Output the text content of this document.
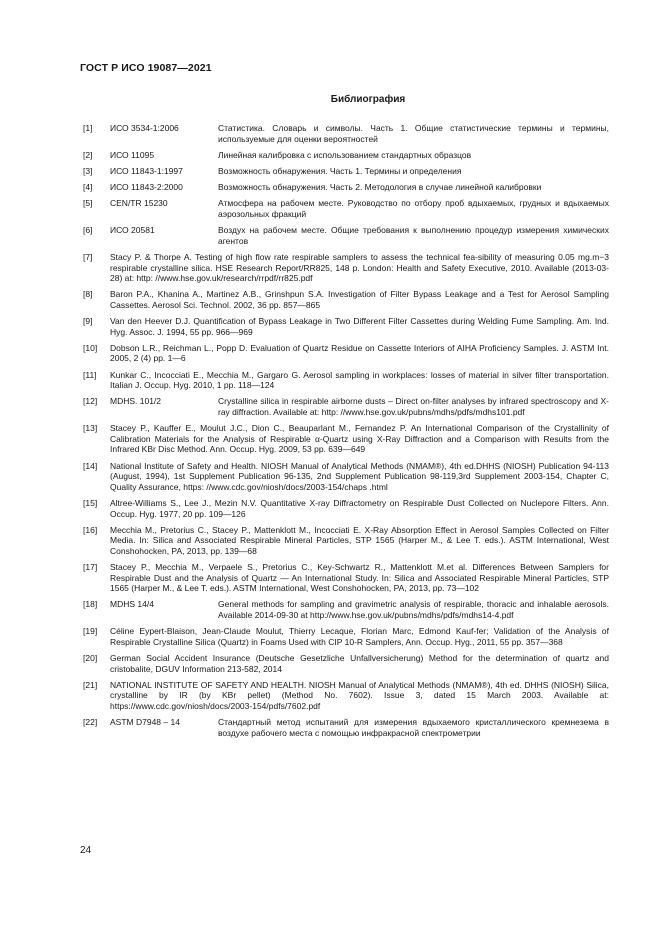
ГОСТ Р ИСО 19087—2021
Библиография
[1]	ИСО 3534-1:2006	Статистика. Словарь и символы. Часть 1. Общие статистические термины и термины, используемые для оценки вероятностей
[2]	ИСО 11095	Линейная калибровка с использованием стандартных образцов
[3]	ИСО 11843-1:1997	Возможность обнаружения. Часть 1. Термины и определения
[4]	ИСО 11843-2:2000	Возможность обнаружения. Часть 2. Методология в случае линейной калибровки
[5]	CEN/TR 15230	Атмосфера на рабочем месте. Руководство по отбору проб вдыхаемых, грудных и вдыхаемых аэрозольных фракций
[6]	ИСО 20581	Воздух на рабочем месте. Общие требования к выполнению процедур измерения химических агентов
[7]	Stacy P. & Thorpe A. Testing of high flow rate respirable samplers to assess the technical fea-sibility of measuring 0.05 mg.m−3 respirable crystalline silica. HSE Research Report/RR825, 148 p. London: Health and Safety Executive, 2010. Available (2013-03-28) at: http: //www.hse.gov.uk/research/rrpdf/rr825.pdf
[8]	Baron P.A., Khanina A., Martinez A.B., Grinshpun S.A. Investigation of Filter Bypass Leakage and a Test for Aerosol Sampling Cassettes. Aerosol Sci. Technol. 2002, 36 pp. 857—865
[9]	Van den Heever D.J. Quantification of Bypass Leakage in Two Different Filter Cassettes during Welding Fume Sampling. Am. Ind. Hyg. Assoc. J. 1994, 55 pp. 966—969
[10]	Dobson L.R., Reichman L., Popp D. Evaluation of Quartz Residue on Cassette Interiors of AIHA Proficiency Samples. J. ASTM Int. 2005, 2 (4) pp. 1—6
[11]	Kunkar C., Incocciati E., Mecchia M., Gargaro G. Aerosol sampling in workplaces: losses of material in silver filter transportation. Italian J. Occup. Hyg. 2010, 1 pp. 118—124
[12]	MDHS. 101/2	Crystalline silica in respirable airborne dusts – Direct on-filter analyses by infrared spectroscopy and X-ray diffraction. Available at: http: //www.hse.gov.uk/pubns/mdhs/pdfs/mdhs101.pdf
[13]	Stacey P., Kauffer E., Moulut J.C., Dion C., Beauparlant M., Fernandez P. An International Comparison of the Crystallinity of Calibration Materials for the Analysis of Respirable α-Quartz using X-Ray Diffraction and a Comparison with Results from the Infrared KBr Disc Method. Ann. Occup. Hyg. 2009, 53 pp. 639—649
[14]	National Institute of Safety and Health. NIOSH Manual of Analytical Methods (NMAM®), 4th ed.DHHS (NIOSH) Publication 94-113 (August, 1994), 1st Supplement Publication 96-135, 2nd Supplement Publication 98-119,3rd Supplement 2003-154, Chapter C, Quality Assurance, https: //www.cdc.gov/niosh/docs/2003-154/chaps .html
[15]	Altree-Williams S., Lee J., Mezin N.V. Quantitative X-ray Diffractometry on Respirable Dust Collected on Nuclepore Filters. Ann. Occup. Hyg. 1977, 20 pp. 109—126
[16]	Mecchia M., Pretorius C., Stacey P., Mattenklott M., Incocciati E. X-Ray Absorption Effect in Aerosol Samples Collected on Filter Media. In: Silica and Associated Respirable Mineral Particles, STP 1565 (Harper M., & Lee T. eds.). ASTM International, West Conshohocken, PA, 2013, pp. 139—68
[17]	Stacey P., Mecchia M., Verpaele S., Pretorius C., Key-Schwartz R., Mattenklott M.et al. Differences Between Samplers for Respirable Dust and the Analysis of Quartz — An International Study. In: Silica and Associated Respirable Mineral Particles, STP 1565 (Harper M., & Lee T. eds.). ASTM International, West Conshohocken, PA, 2013, pp. 73—102
[18]	MDHS 14/4	General methods for sampling and gravimetric analysis of respirable, thoracic and inhalable aerosols. Available 2014-09-30 at http://www.hse.gov.uk/pubns/mdhs/pdfs/mdhs14-4.pdf
[19]	Céline Eypert-Blaison, Jean-Claude Moulut, Thierry Lecaque, Florian Marc, Edmond Kauf-fer; Validation of the Analysis of Respirable Crystalline Silica (Quartz) in Foams Used with CIP 10-R Samplers, Ann. Occup. Hyg., 2011, 55 pp. 357—368
[20]	German Social Accident Insurance (Deutsche Gesetzliche Unfallversicherung) Method for the determination of quartz and cristobalite, DGUV Information 213-582, 2014
[21]	NATIONAL INSTITUTE OF SAFETY AND HEALTH. NIOSH Manual of Analytical Methods (NMAM®), 4th ed. DHHS (NIOSH) Silica, crystalline by IR (by KBr pellet) (Method No. 7602). Issue 3, dated 15 March 2003. Available at: https://www.cdc.gov/niosh/docs/2003-154/pdfs/7602.pdf
[22]	ASTM D7948 – 14	Стандартный метод испытаний для измерения вдыхаемого кристаллического кремнезема в воздухе рабочего места с помощью инфракрасной спектрометрии
24
